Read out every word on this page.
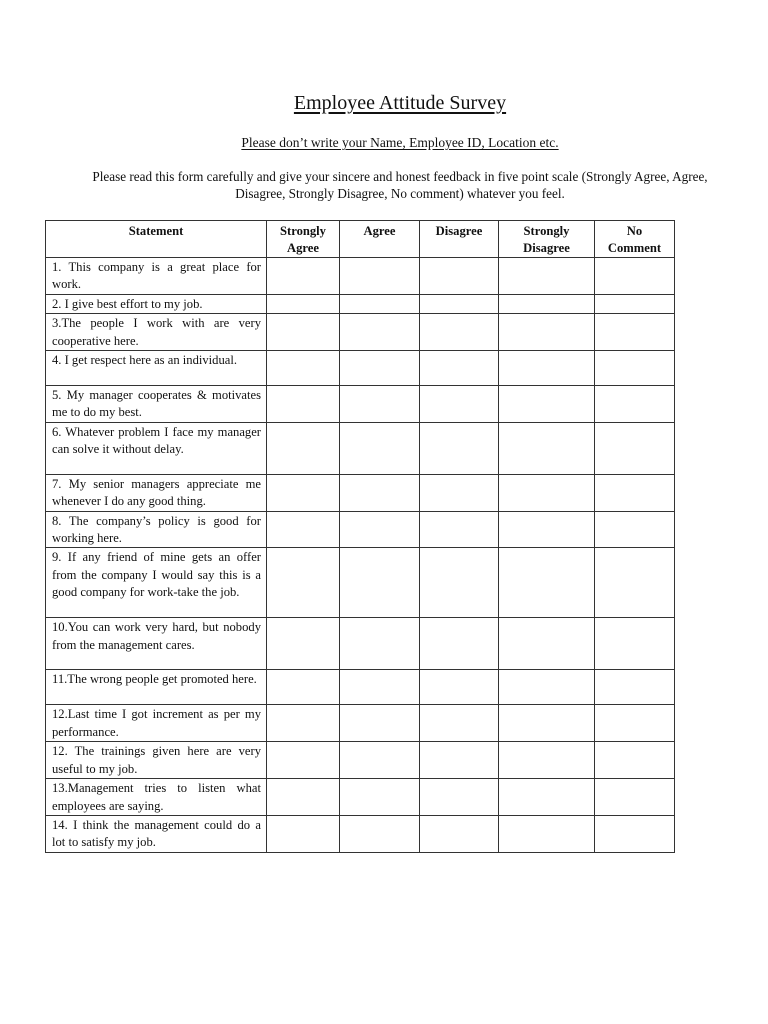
Employee Attitude Survey
Please don’t write your Name, Employee ID, Location etc.
Please read this form carefully and give your sincere and honest feedback in five point scale (Strongly Agree, Agree, Disagree, Strongly Disagree, No comment) whatever you feel.
Statement	Strongly Agree	Agree	Disagree	Strongly Disagree	No Comment
1. This company is a great place for work.					
2. I give best effort to my job.					
3.The people I work with are very cooperative here.					
4. I get respect here as an individual.					
5. My manager cooperates & motivates me to do my best.					
6. Whatever problem I face my manager can solve it without delay.					
7. My senior managers appreciate me whenever I do any good thing.					
8. The company’s policy is good for working here.					
9. If any friend of mine gets an offer from the company I would say this is a good company for work-take the job.					
10.You can work very hard, but nobody from the management cares.					
11.The wrong people get promoted here.					
12.Last time I got increment as per my performance.					
12. The trainings given here are very useful to my job.					
13.Management tries to listen what employees are saying.					
14. I think the management could do a lot to satisfy my job.					
